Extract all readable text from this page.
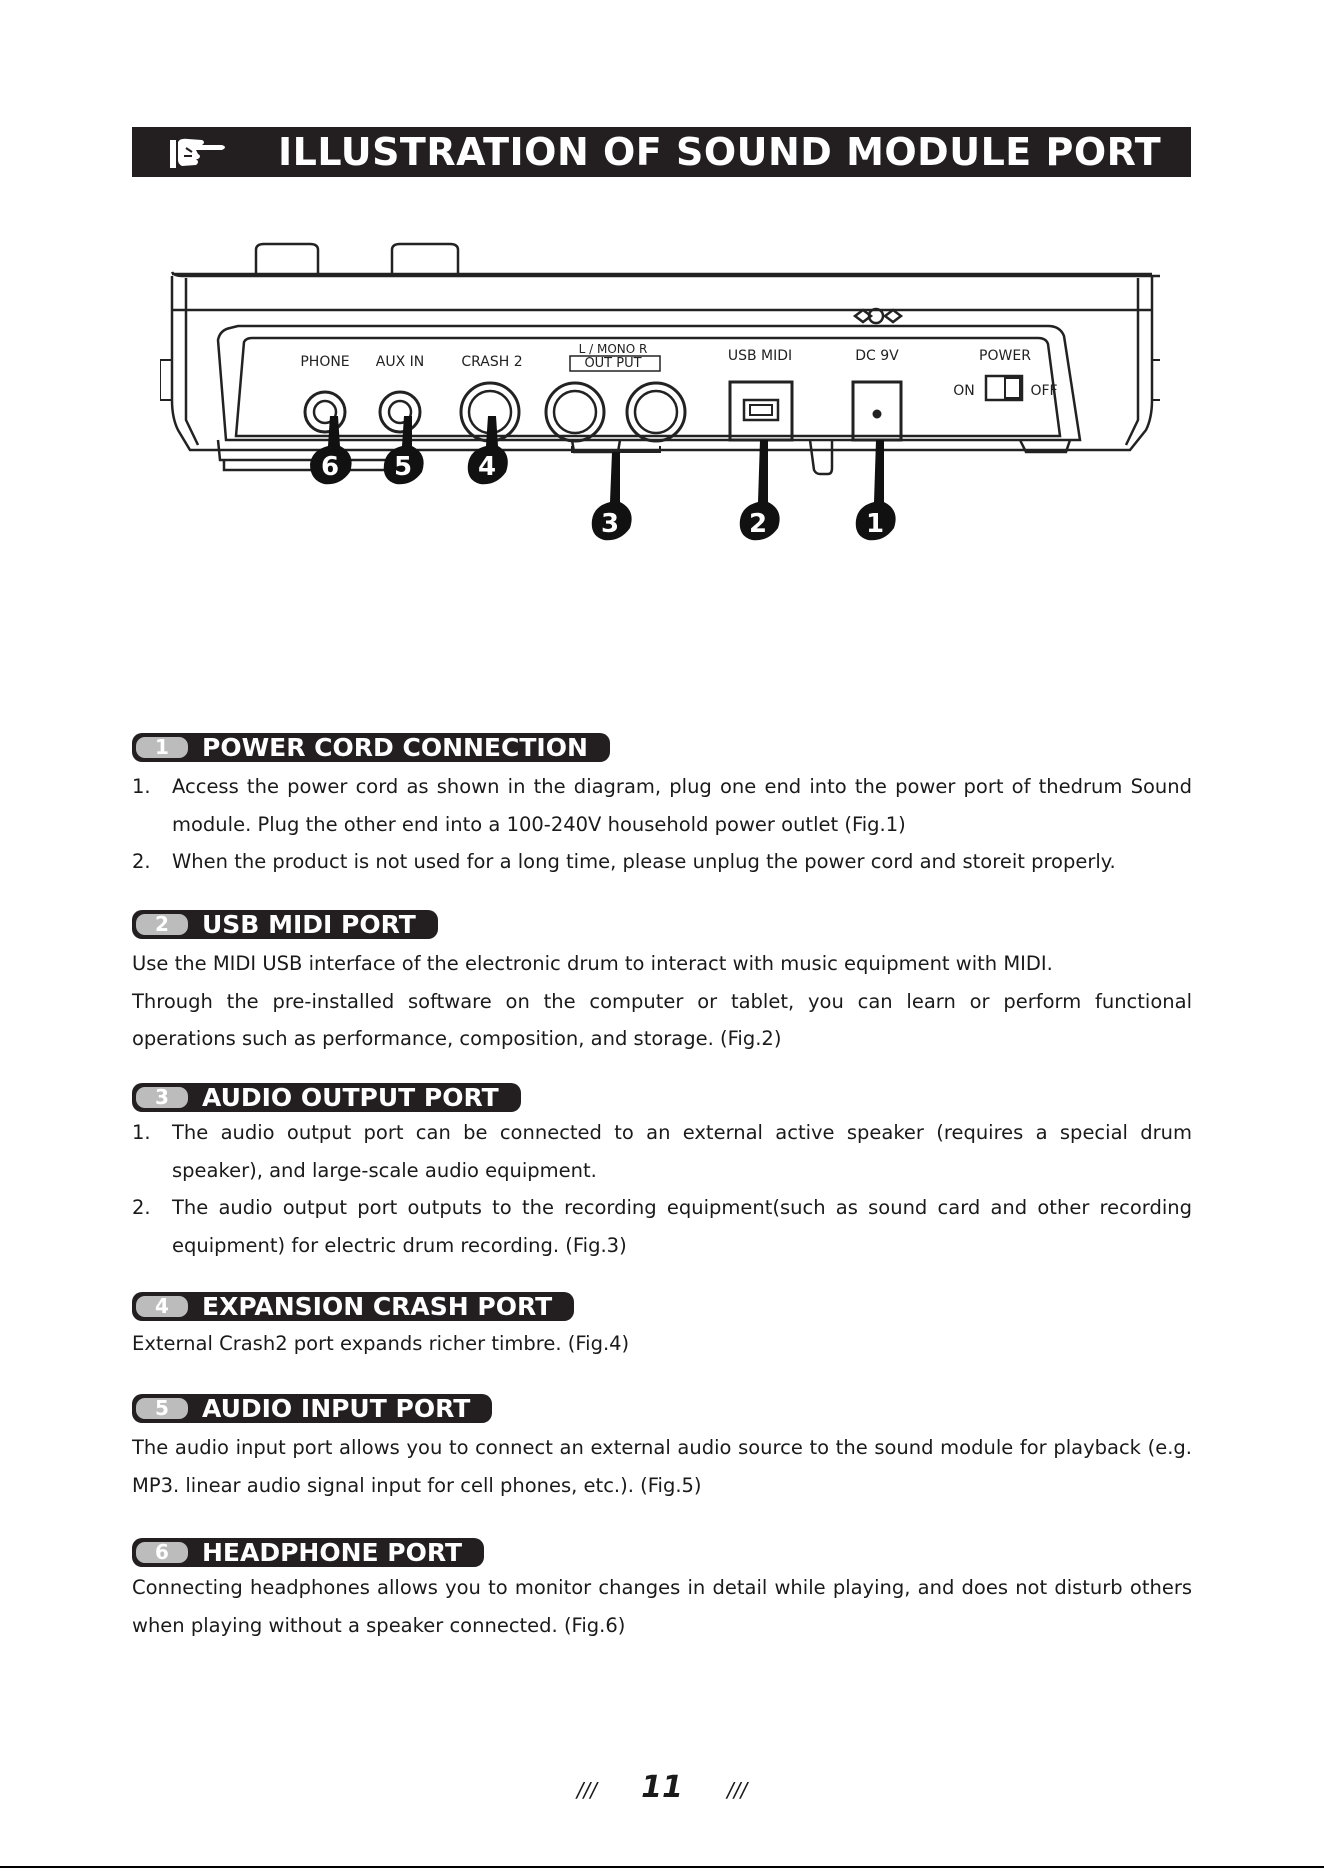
ILLUSTRATION OF SOUND MODULE PORT
PHONE AUX IN	CRASH 2
L / MONO R
OUT PUT	USB MIDI	DC 9V	POWER
ON	OFF
6 5	4
3	2	1
1	POWER CORD CONNECTION
1. Access the power cord as shown in the diagram, plug one end into the power port of thedrum Sound module. Plug the other end into a 100-240V household power outlet (Fig.1)
2. When the product is not used for a long time, please unplug the power cord and storeit properly.
2	USB MIDI PORT

Use the MIDI USB interface of the electronic drum to interact with music equipment with MIDI.

Through the pre-installed software on the computer or tablet, you can learn or perform functional operations such as performance, composition, and storage. (Fig.2)

3	AUDIO OUTPUT PORT
1. The audio output port can be connected to an external active speaker (requires a special drum speaker), and large-scale audio equipment.
2. The audio output port outputs to the recording equipment(such as sound card and other recording equipment) for electric drum recording. (Fig.3)
4	EXPANSION CRASH PORT

External Crash2 port expands richer timbre. (Fig.4)

5	AUDIO INPUT PORT

The audio input port allows you to connect an external audio source to the sound module for playback (e.g. MP3. linear audio signal input for cell phones, etc.). (Fig.5)

6	HEADPHONE PORT

Connecting headphones allows you to monitor changes in detail while playing, and does not disturb others when playing without a speaker connected. (Fig.6)

/// 11 ///
